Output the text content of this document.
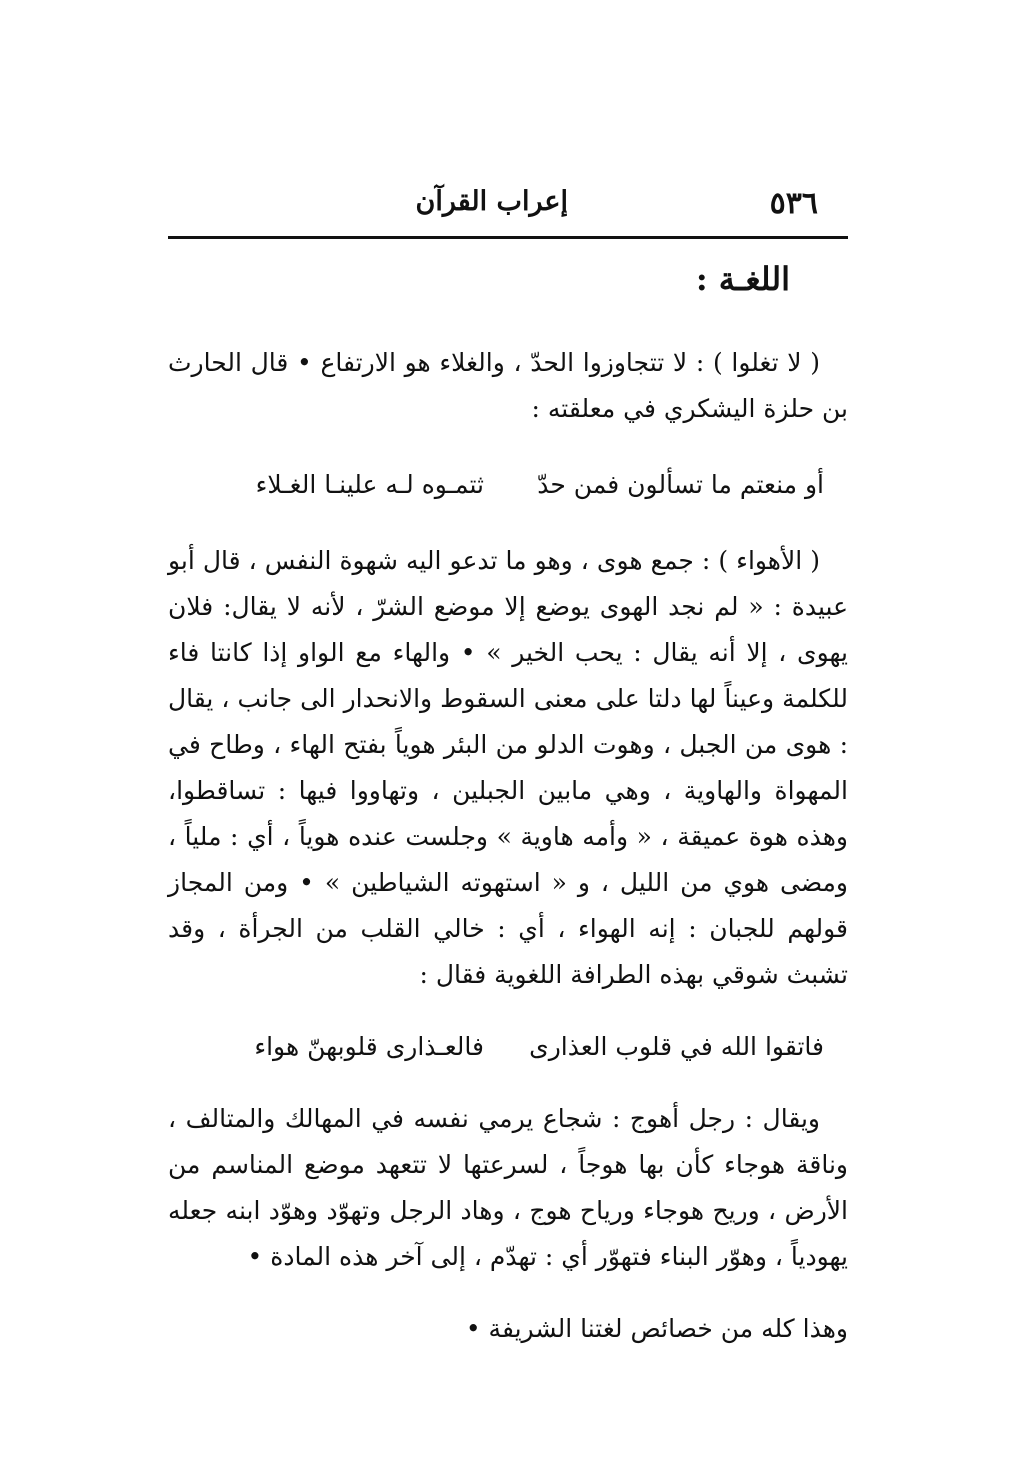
٥٣٦
إعراب القرآن
اللغـة :

( لا تغلوا ) : لا تتجاوزوا الحدّ ، والغلاء هو الارتفاع • قال الحارث بن حلزة اليشكري في معلقته :

أو منعتم ما تسألون فمن حدّ
ثتمـوه لـه علينـا الغـلاء

( الأهواء ) : جمع هوى ، وهو ما تدعو اليه شهوة النفس ، قال أبو عبيدة : « لم نجد الهوى يوضع إلا موضع الشرّ ، لأنه لا يقال: فلان يهوى ، إلا أنه يقال : يحب الخير » • والهاء مع الواو إذا كانتا فاء للكلمة وعيناً لها دلتا على معنى السقوط والانحدار الى جانب ، يقال : هوى من الجبل ، وهوت الدلو من البئر هوياً بفتح الهاء ، وطاح في المهواة والهاوية ، وهي مابين الجبلين ، وتهاووا فيها : تساقطوا، وهذه هوة عميقة ، « وأمه هاوية » وجلست عنده هوياً ، أي : ملياً ، ومضى هوي من الليل ، و « استهوته الشياطين » • ومن المجاز قولهم للجبان : إنه الهواء ، أي : خالي القلب من الجرأة ، وقد تشبث شوقي بهذه الطرافة اللغوية فقال :

فاتقوا الله في قلوب العذارى
فالعـذارى قلوبهنّ هواء

ويقال : رجل أهوج : شجاع يرمي نفسه في المهالك والمتالف ، وناقة هوجاء كأن بها هوجاً ، لسرعتها لا تتعهد موضع المناسم من الأرض ، وريح هوجاء ورياح هوج ، وهاد الرجل وتهوّد وهوّد ابنه جعله يهودياً ، وهوّر البناء فتهوّر أي : تهدّم ، إلى آخر هذه المادة •

وهذا كله من خصائص لغتنا الشريفة •
